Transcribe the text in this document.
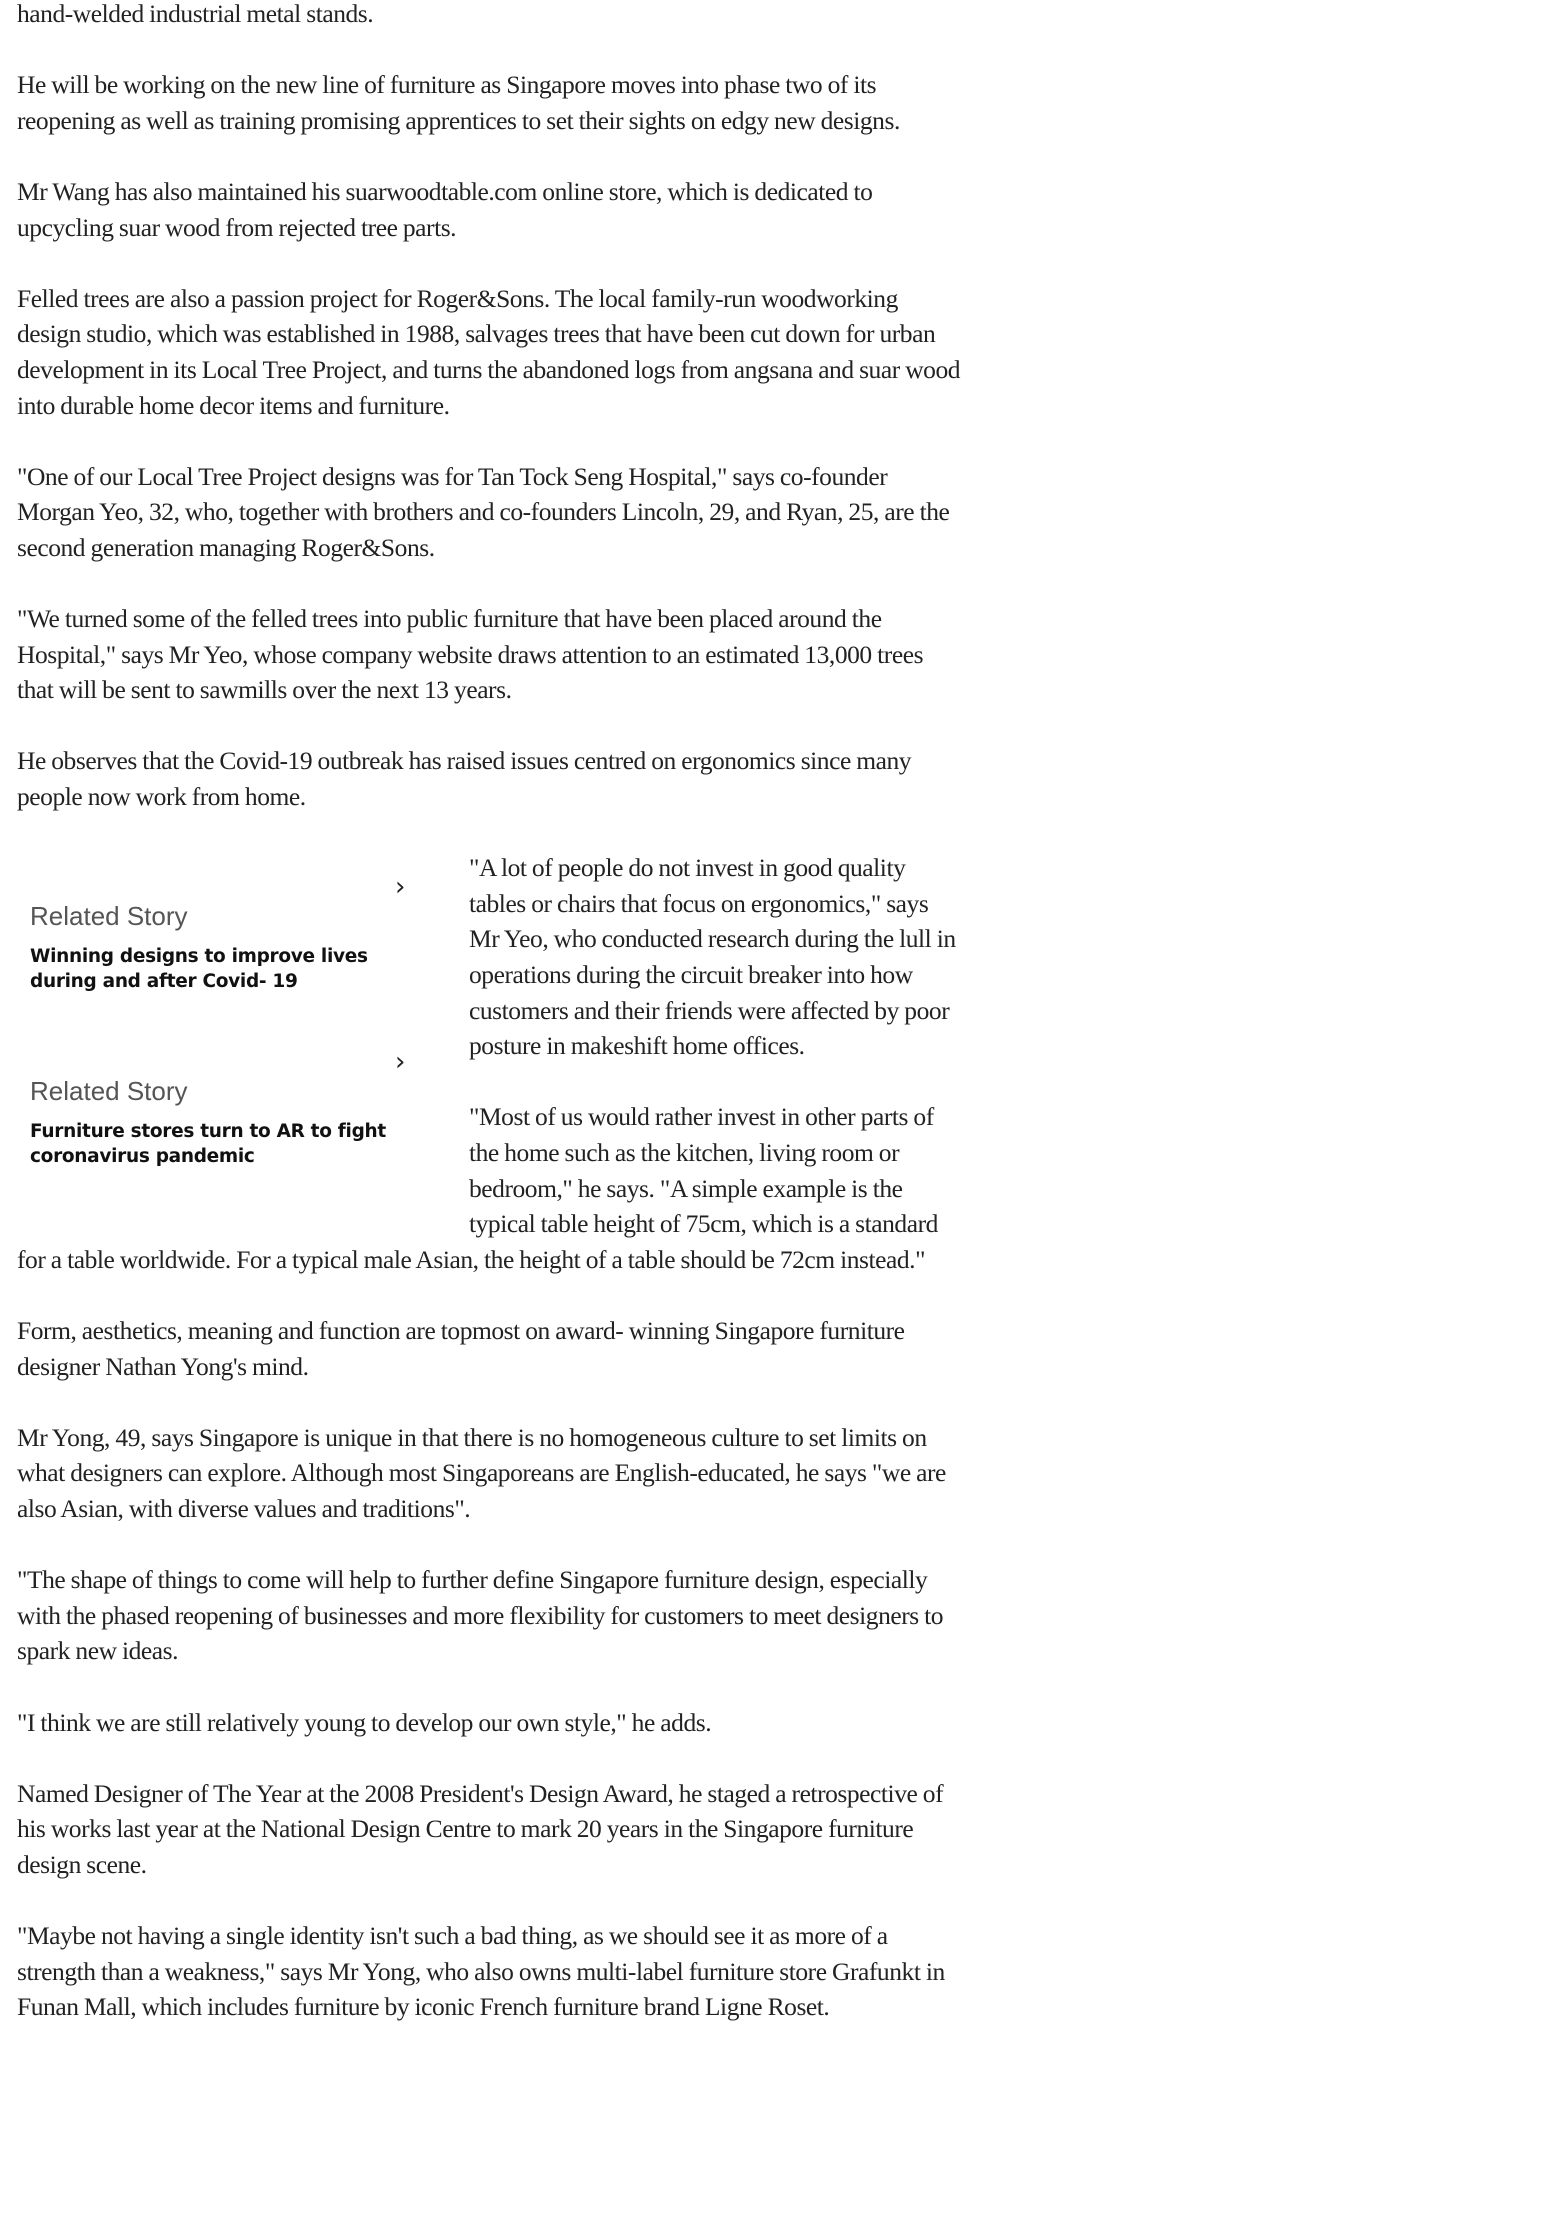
hand-welded industrial metal stands.

He will be working on the new line of furniture as Singapore moves into phase two of its reopening as well as training promising apprentices to set their sights on edgy new designs.

Mr Wang has also maintained his suarwoodtable.com online store, which is dedicated to upcycling suar wood from rejected tree parts.

Felled trees are also a passion project for Roger&Sons. The local family-run woodworking design studio, which was established in 1988, salvages trees that have been cut down for urban development in its Local Tree Project, and turns the abandoned logs from angsana and suar wood into durable home decor items and furniture.

"One of our Local Tree Project designs was for Tan Tock Seng Hospital," says co-founder Morgan Yeo, 32, who, together with brothers and co-founders Lincoln, 29, and Ryan, 25, are the second generation managing Roger&Sons.

"We turned some of the felled trees into public furniture that have been placed around the Hospital," says Mr Yeo, whose company website draws attention to an estimated 13,000 trees that will be sent to sawmills over the next 13 years.

He observes that the Covid-19 outbreak has raised issues centred on ergonomics since many people now work from home.

›
Related Story
Winning designs to improve lives during and after Covid- 19
›
Related Story
Furniture stores turn to AR to fight coronavirus pandemic

"A lot of people do not invest in good quality tables or chairs that focus on ergonomics," says Mr Yeo, who conducted research during the lull in operations during the circuit breaker into how customers and their friends were affected by poor posture in makeshift home offices.

"Most of us would rather invest in other parts of the home such as the kitchen, living room or bedroom," he says. "A simple example is the typical table height of 75cm, which is a standard for a table worldwide. For a typical male Asian, the height of a table should be 72cm instead."

Form, aesthetics, meaning and function are topmost on award- winning Singapore furniture designer Nathan Yong's mind.

Mr Yong, 49, says Singapore is unique in that there is no homogeneous culture to set limits on what designers can explore. Although most Singaporeans are English-educated, he says "we are also Asian, with diverse values and traditions".

"The shape of things to come will help to further define Singapore furniture design, especially with the phased reopening of businesses and more flexibility for customers to meet designers to spark new ideas.

"I think we are still relatively young to develop our own style," he adds.

Named Designer of The Year at the 2008 President's Design Award, he staged a retrospective of his works last year at the National Design Centre to mark 20 years in the Singapore furniture design scene.

"Maybe not having a single identity isn't such a bad thing, as we should see it as more of a strength than a weakness," says Mr Yong, who also owns multi-label furniture store Grafunkt in Funan Mall, which includes furniture by iconic French furniture brand Ligne Roset.
